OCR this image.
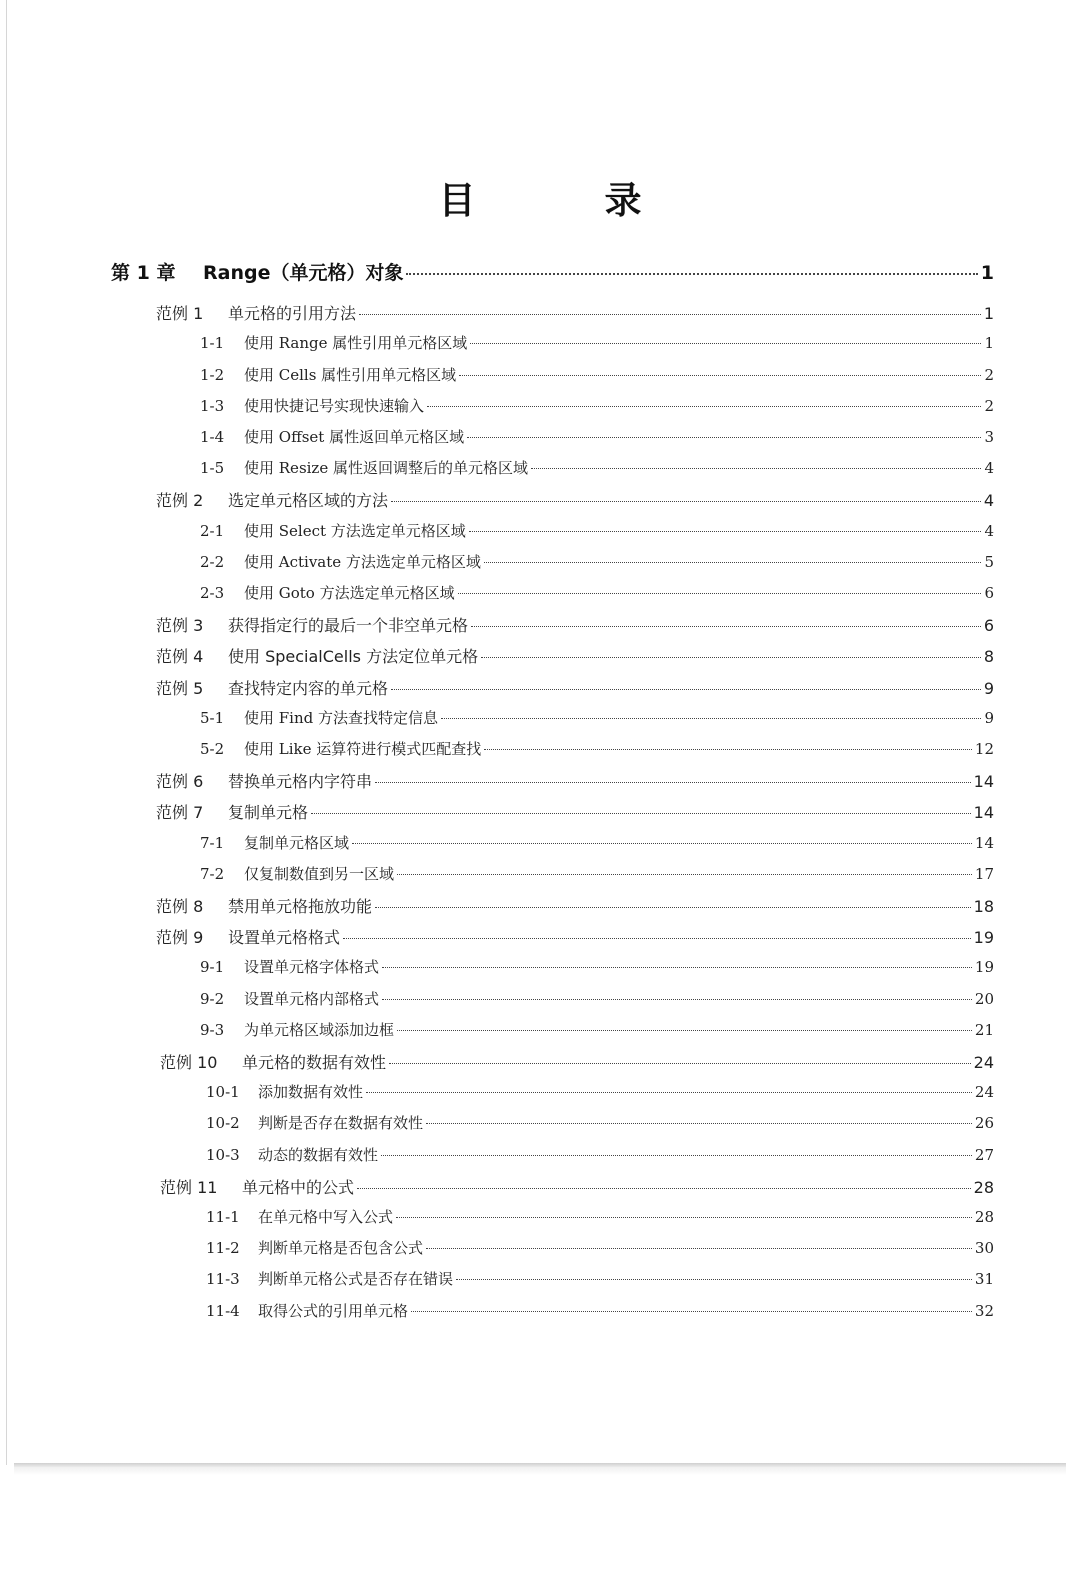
目　录
第 1 章	Range（单元格）对象	1
范例 1	单元格的引用方法	1
1-1	使用 Range 属性引用单元格区域	1
1-2	使用 Cells 属性引用单元格区域	2
1-3	使用快捷记号实现快速输入	2
1-4	使用 Offset 属性返回单元格区域	3
1-5	使用 Resize 属性返回调整后的单元格区域	4
范例 2	选定单元格区域的方法	4
2-1	使用 Select 方法选定单元格区域	4
2-2	使用 Activate 方法选定单元格区域	5
2-3	使用 Goto 方法选定单元格区域	6
范例 3	获得指定行的最后一个非空单元格	6
范例 4	使用 SpecialCells 方法定位单元格	8
范例 5	查找特定内容的单元格	9
5-1	使用 Find 方法查找特定信息	9
5-2	使用 Like 运算符进行模式匹配查找	12
范例 6	替换单元格内字符串	14
范例 7	复制单元格	14
7-1	复制单元格区域	14
7-2	仅复制数值到另一区域	17
范例 8	禁用单元格拖放功能	18
范例 9	设置单元格格式	19
9-1	设置单元格字体格式	19
9-2	设置单元格内部格式	20
9-3	为单元格区域添加边框	21
范例 10	单元格的数据有效性	24
10-1	添加数据有效性	24
10-2	判断是否存在数据有效性	26
10-3	动态的数据有效性	27
范例 11	单元格中的公式	28
11-1	在单元格中写入公式	28
11-2	判断单元格是否包含公式	30
11-3	判断单元格公式是否存在错误	31
11-4	取得公式的引用单元格	32
